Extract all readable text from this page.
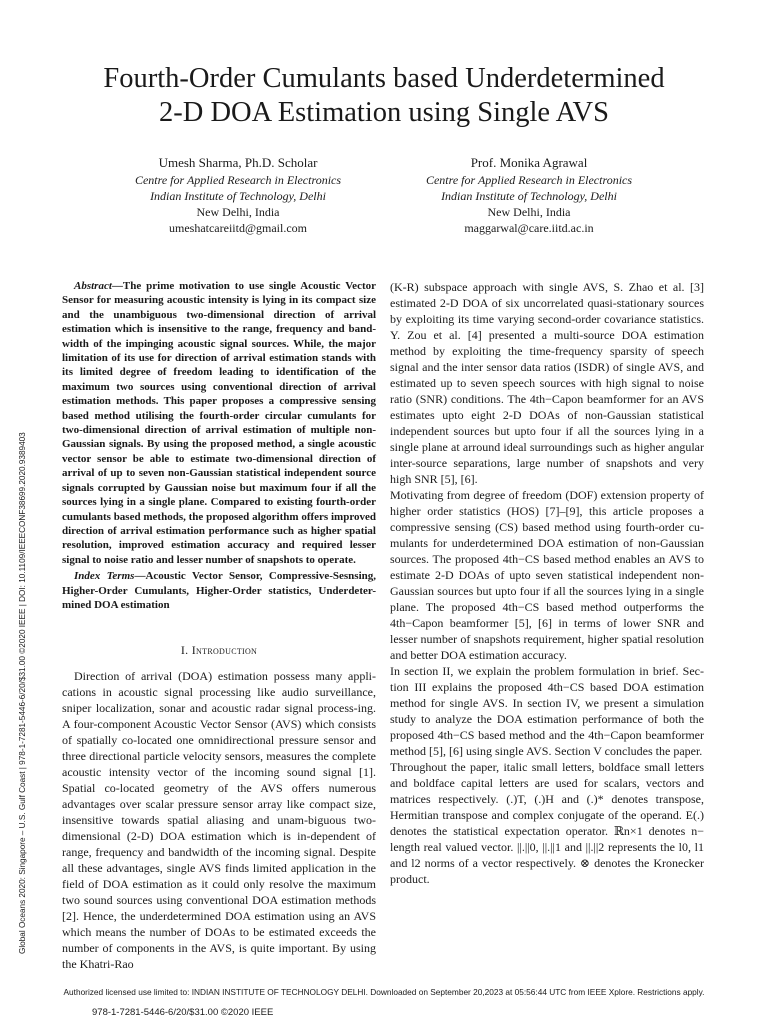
Fourth-Order Cumulants based Underdetermined
2-D DOA Estimation using Single AVS
Umesh Sharma, Ph.D. Scholar
Centre for Applied Research in Electronics
Indian Institute of Technology, Delhi
New Delhi, India
umeshatcareiitd@gmail.com
Prof. Monika Agrawal
Centre for Applied Research in Electronics
Indian Institute of Technology, Delhi
New Delhi, India
maggarwal@care.iitd.ac.in
Global Oceans 2020: Singapore – U.S. Gulf Coast | 978-1-7281-5446-6/20/$31.00 ©2020 IEEE | DOI: 10.1109/IEEECONF38699.2020.9389403

Abstract—The prime motivation to use single Acoustic Vector Sensor for measuring acoustic intensity is lying in its compact size and the unambiguous two-dimensional direction of arrival estimation which is insensitive to the range, frequency and band-width of the impinging acoustic signal sources. While, the major limitation of its use for direction of arrival estimation stands with its limited degree of freedom leading to identification of the maximum two sources using conventional direction of arrival estimation methods. This paper proposes a compressive sensing based method utilising the fourth-order circular cumulants for two-dimensional direction of arrival estimation of multiple non-Gaussian signals. By using the proposed method, a single acoustic vector sensor be able to estimate two-dimensional direction of arrival of up to seven non-Gaussian statistical independent source signals corrupted by Gaussian noise but maximum four if all the sources lying in a single plane. Compared to existing fourth-order cumulants based methods, the proposed algorithm offers improved direction of arrival estimation performance such as higher spatial resolution, improved estimation accuracy and required lesser signal to noise ratio and lesser number of snapshots to operate.

Index Terms—Acoustic Vector Sensor, Compressive-Sesnsing, Higher-Order Cumulants, Higher-Order statistics, Underdeter-mined DOA estimation

I. Introduction

Direction of arrival (DOA) estimation possess many appli-cations in acoustic signal processing like audio surveillance, sniper localization, sonar and acoustic radar signal process-ing. A four-component Acoustic Vector Sensor (AVS) which consists of spatially co-located one omnidirectional pressure sensor and three directional particle velocity sensors, measures the complete acoustic intensity vector of the incoming sound signal [1]. Spatial co-located geometry of the AVS offers numerous advantages over scalar pressure sensor array like compact size, insensitive towards spatial aliasing and unam-biguous two-dimensional (2-D) DOA estimation which is in-dependent of range, frequency and bandwidth of the incoming signal. Despite all these advantages, single AVS finds limited application in the field of DOA estimation as it could only resolve the maximum two sound sources using conventional DOA estimation methods [2]. Hence, the underdetermined DOA estimation using an AVS which means the number of DOAs to be estimated exceeds the number of components in the AVS, is quite important. By using the Khatri-Rao

(K-R) subspace approach with single AVS, S. Zhao et al. [3] estimated 2-D DOA of six uncorrelated quasi-stationary sources by exploiting its time varying second-order covariance statistics. Y. Zou et al. [4] presented a multi-source DOA estimation method by exploiting the time-frequency sparsity of speech signal and the inter sensor data ratios (ISDR) of single AVS, and estimated up to seven speech sources with high signal to noise ratio (SNR) conditions. The 4th−Capon beamformer for an AVS estimates upto eight 2-D DOAs of non-Gaussian statistical independent sources but upto four if all the sources lying in a single plane at arround ideal surroundings such as higher angular inter-source separations, large number of snapshots and very high SNR [5], [6].

Motivating from degree of freedom (DOF) extension property of higher order statistics (HOS) [7]–[9], this article proposes a compressive sensing (CS) based method using fourth-order cu-mulants for underdetermined DOA estimation of non-Gaussian sources. The proposed 4th−CS based method enables an AVS to estimate 2-D DOAs of upto seven statistical independent non-Gaussian sources but upto four if all the sources lying in a single plane. The proposed 4th−CS based method outperforms the 4th−Capon beamformer [5], [6] in terms of lower SNR and lesser number of snapshots requirement, higher spatial resolution and better DOA estimation accuracy.

In section II, we explain the problem formulation in brief. Sec-tion III explains the proposed 4th−CS based DOA estimation method for single AVS. In section IV, we present a simulation study to analyze the DOA estimation performance of both the proposed 4th−CS based method and the 4th−Capon beamformer method [5], [6] using single AVS. Section V concludes the paper.

Throughout the paper, italic small letters, boldface small letters and boldface capital letters are used for scalars, vectors and matrices respectively. (.)T, (.)H and (.)* denotes transpose, Hermitian transpose and complex conjugate of the operand. E(.) denotes the statistical expectation operator. ℝn×1 denotes n− length real valued vector. ||.||0, ||.||1 and ||.||2 represents the l0, l1 and l2 norms of a vector respectively. ⊗ denotes the Kronecker product.

Authorized licensed use limited to: INDIAN INSTITUTE OF TECHNOLOGY DELHI. Downloaded on September 20,2023 at 05:56:44 UTC from IEEE Xplore. Restrictions apply.
978-1-7281-5446-6/20/$31.00 ©2020 IEEE
